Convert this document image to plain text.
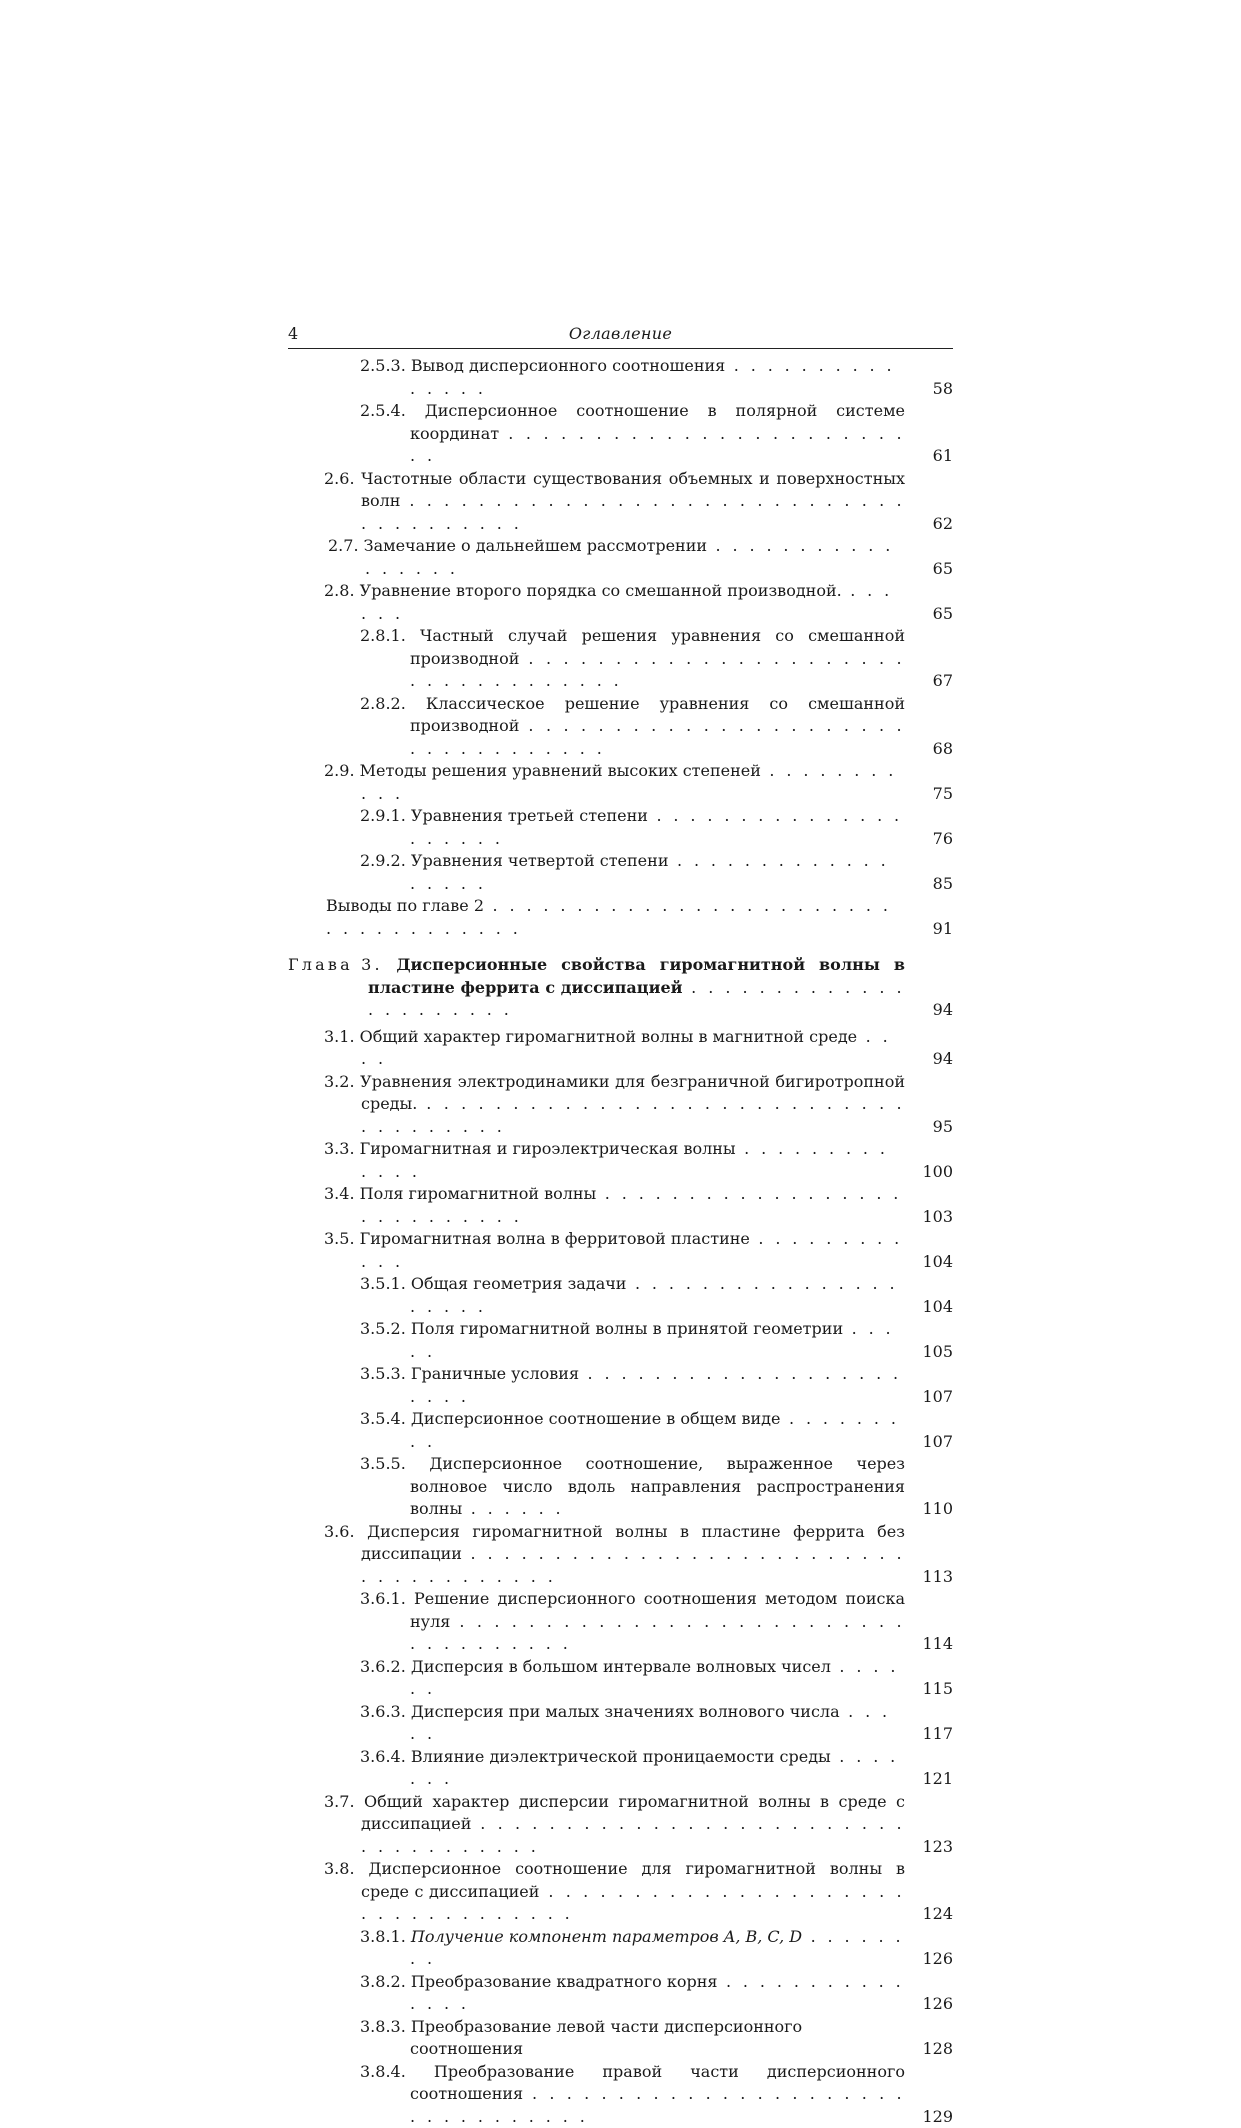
4	Оглавление
2.5.3. Вывод дисперсионного соотношения . . . . . . . . . . . . . . .	58
2.5.4. Дисперсионное соотношение в полярной системе координат . . . . . . . . . . . . . . . . . . . . . . . . .	61
2.6. Частотные области существования объемных и поверхностных волн . . . . . . . . . . . . . . . . . . . . . . . . . . . . . . . . . . . . . . .	62
2.7. Замечание о дальнейшем рассмотрении . . . . . . . . . . . . . . . . .	65
2.8. Уравнение второго порядка со смешанной производной. . . . . . .	65
2.8.1. Частный случай решения уравнения со смешанной производной . . . . . . . . . . . . . . . . . . . . . . . . . . . . . . . . . . .	67
2.8.2. Классическое решение уравнения со смешанной производной . . . . . . . . . . . . . . . . . . . . . . . . . . . . . . . . . .	68
2.9. Методы решения уравнений высоких степеней . . . . . . . . . . .	75
2.9.1. Уравнения третьей степени . . . . . . . . . . . . . . . . . . . . .	76
2.9.2. Уравнения четвертой степени . . . . . . . . . . . . . . . . . .	85
Выводы по главе 2 . . . . . . . . . . . . . . . . . . . . . . . . . . . . . . . . . . . .	91
Глава 3. Дисперсионные свойства гиромагнитной волны в пластине феррита с диссипацией . . . . . . . . . . . . . . . . . . . . . .	94
3.1. Общий характер гиромагнитной волны в магнитной среде . . . .	94
3.2. Уравнения электродинамики для безграничной бигиротропной среды. . . . . . . . . . . . . . . . . . . . . . . . . . . . . . . . . . . . . .	95
3.3. Гиромагнитная и гироэлектрическая волны . . . . . . . . . . . . .	100
3.4. Поля гиромагнитной волны . . . . . . . . . . . . . . . . . . . . . . . . . . . .	103
3.5. Гиромагнитная волна в ферритовой пластине . . . . . . . . . . . .	104
3.5.1. Общая геометрия задачи . . . . . . . . . . . . . . . . . . . . .	104
3.5.2. Поля гиромагнитной волны в принятой геометрии . . . . .	105
3.5.3. Граничные условия . . . . . . . . . . . . . . . . . . . . . . .	107
3.5.4. Дисперсионное соотношение в общем виде . . . . . . . . .	107
3.5.5. Дисперсионное соотношение, выраженное через волновое число вдоль направления распространения волны . . . . . .	110
3.6. Дисперсия гиромагнитной волны в пластине феррита без диссипации . . . . . . . . . . . . . . . . . . . . . . . . . . . . . . . . . . . . . .	113
3.6.1. Решение дисперсионного соотношения методом поиска нуля . . . . . . . . . . . . . . . . . . . . . . . . . . . . . . . . . . . .	114
3.6.2. Дисперсия в большом интервале волновых чисел . . . . . .	115
3.6.3. Дисперсия при малых значениях волнового числа . . . . .	117
3.6.4. Влияние диэлектрической проницаемости среды . . . . . . .	121
3.7. Общий характер дисперсии гиромагнитной волны в среде с диссипацией . . . . . . . . . . . . . . . . . . . . . . . . . . . . . . . . . . . .	123
3.8. Дисперсионное соотношение для гиромагнитной волны в среде с диссипацией . . . . . . . . . . . . . . . . . . . . . . . . . . . . . . . . . .	124
3.8.1. Получение компонент параметров A, B, C, D . . . . . . . .	126
3.8.2. Преобразование квадратного корня . . . . . . . . . . . . . . .	126
3.8.3. Преобразование левой части дисперсионного соотношения	128
3.8.4. Преобразование правой части дисперсионного соотношения . . . . . . . . . . . . . . . . . . . . . . . . . . . . . . . . .	129
